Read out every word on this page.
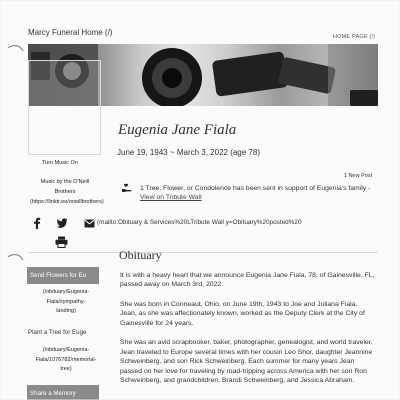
Marcy Funeral Home (/)	HOME PAGE (/)
Eugenia Jane Fiala
June 19, 1943 ~ March 3, 2022 (age 78)
Turn Music On
Music by the O'Neill
Brothers
(https://linktr.ee/oneillbrothers)
1 New Post
1 Tree, Flower, or Condolence has been sent in support of Eugenia's family - View on Tribute Wall
(mailto:Obituary & Services%20LTribute Wall y=Obituary%20posted%20
Obituary
Send Flowers for Eu
(/obituary/Eugenia-
Fiala/sympathy-
landing)
Plant a Tree for Euge
(/obituary/Eugenia-
Fiala/1076782/memorial-
tree)
Share a Memory

It is with a heavy heart that we announce Eugenia Jane Fiala, 78, of Gainesville, FL, passed away on March 3rd, 2022.

She was born in Conneaut, Ohio, on June 19th, 1943 to Joe and Juliana Fiala. Jean, as she was affectionately known, worked as the Deputy Clerk at the City of Gainesville for 24 years.

She was an avid scrapbooker, baker, photographer, genealogist, and world traveler. Jean traveled to Europe several times with her cousin Leo Shor, daughter Jeannine Schweinberg, and son Rick Schweinberg. Each summer for many years Jean passed on her love for traveling by road-tripping across America with her son Ron Schweinberg, and grandchildren, Brandi Schweinberg, and Jessica Abraham.
